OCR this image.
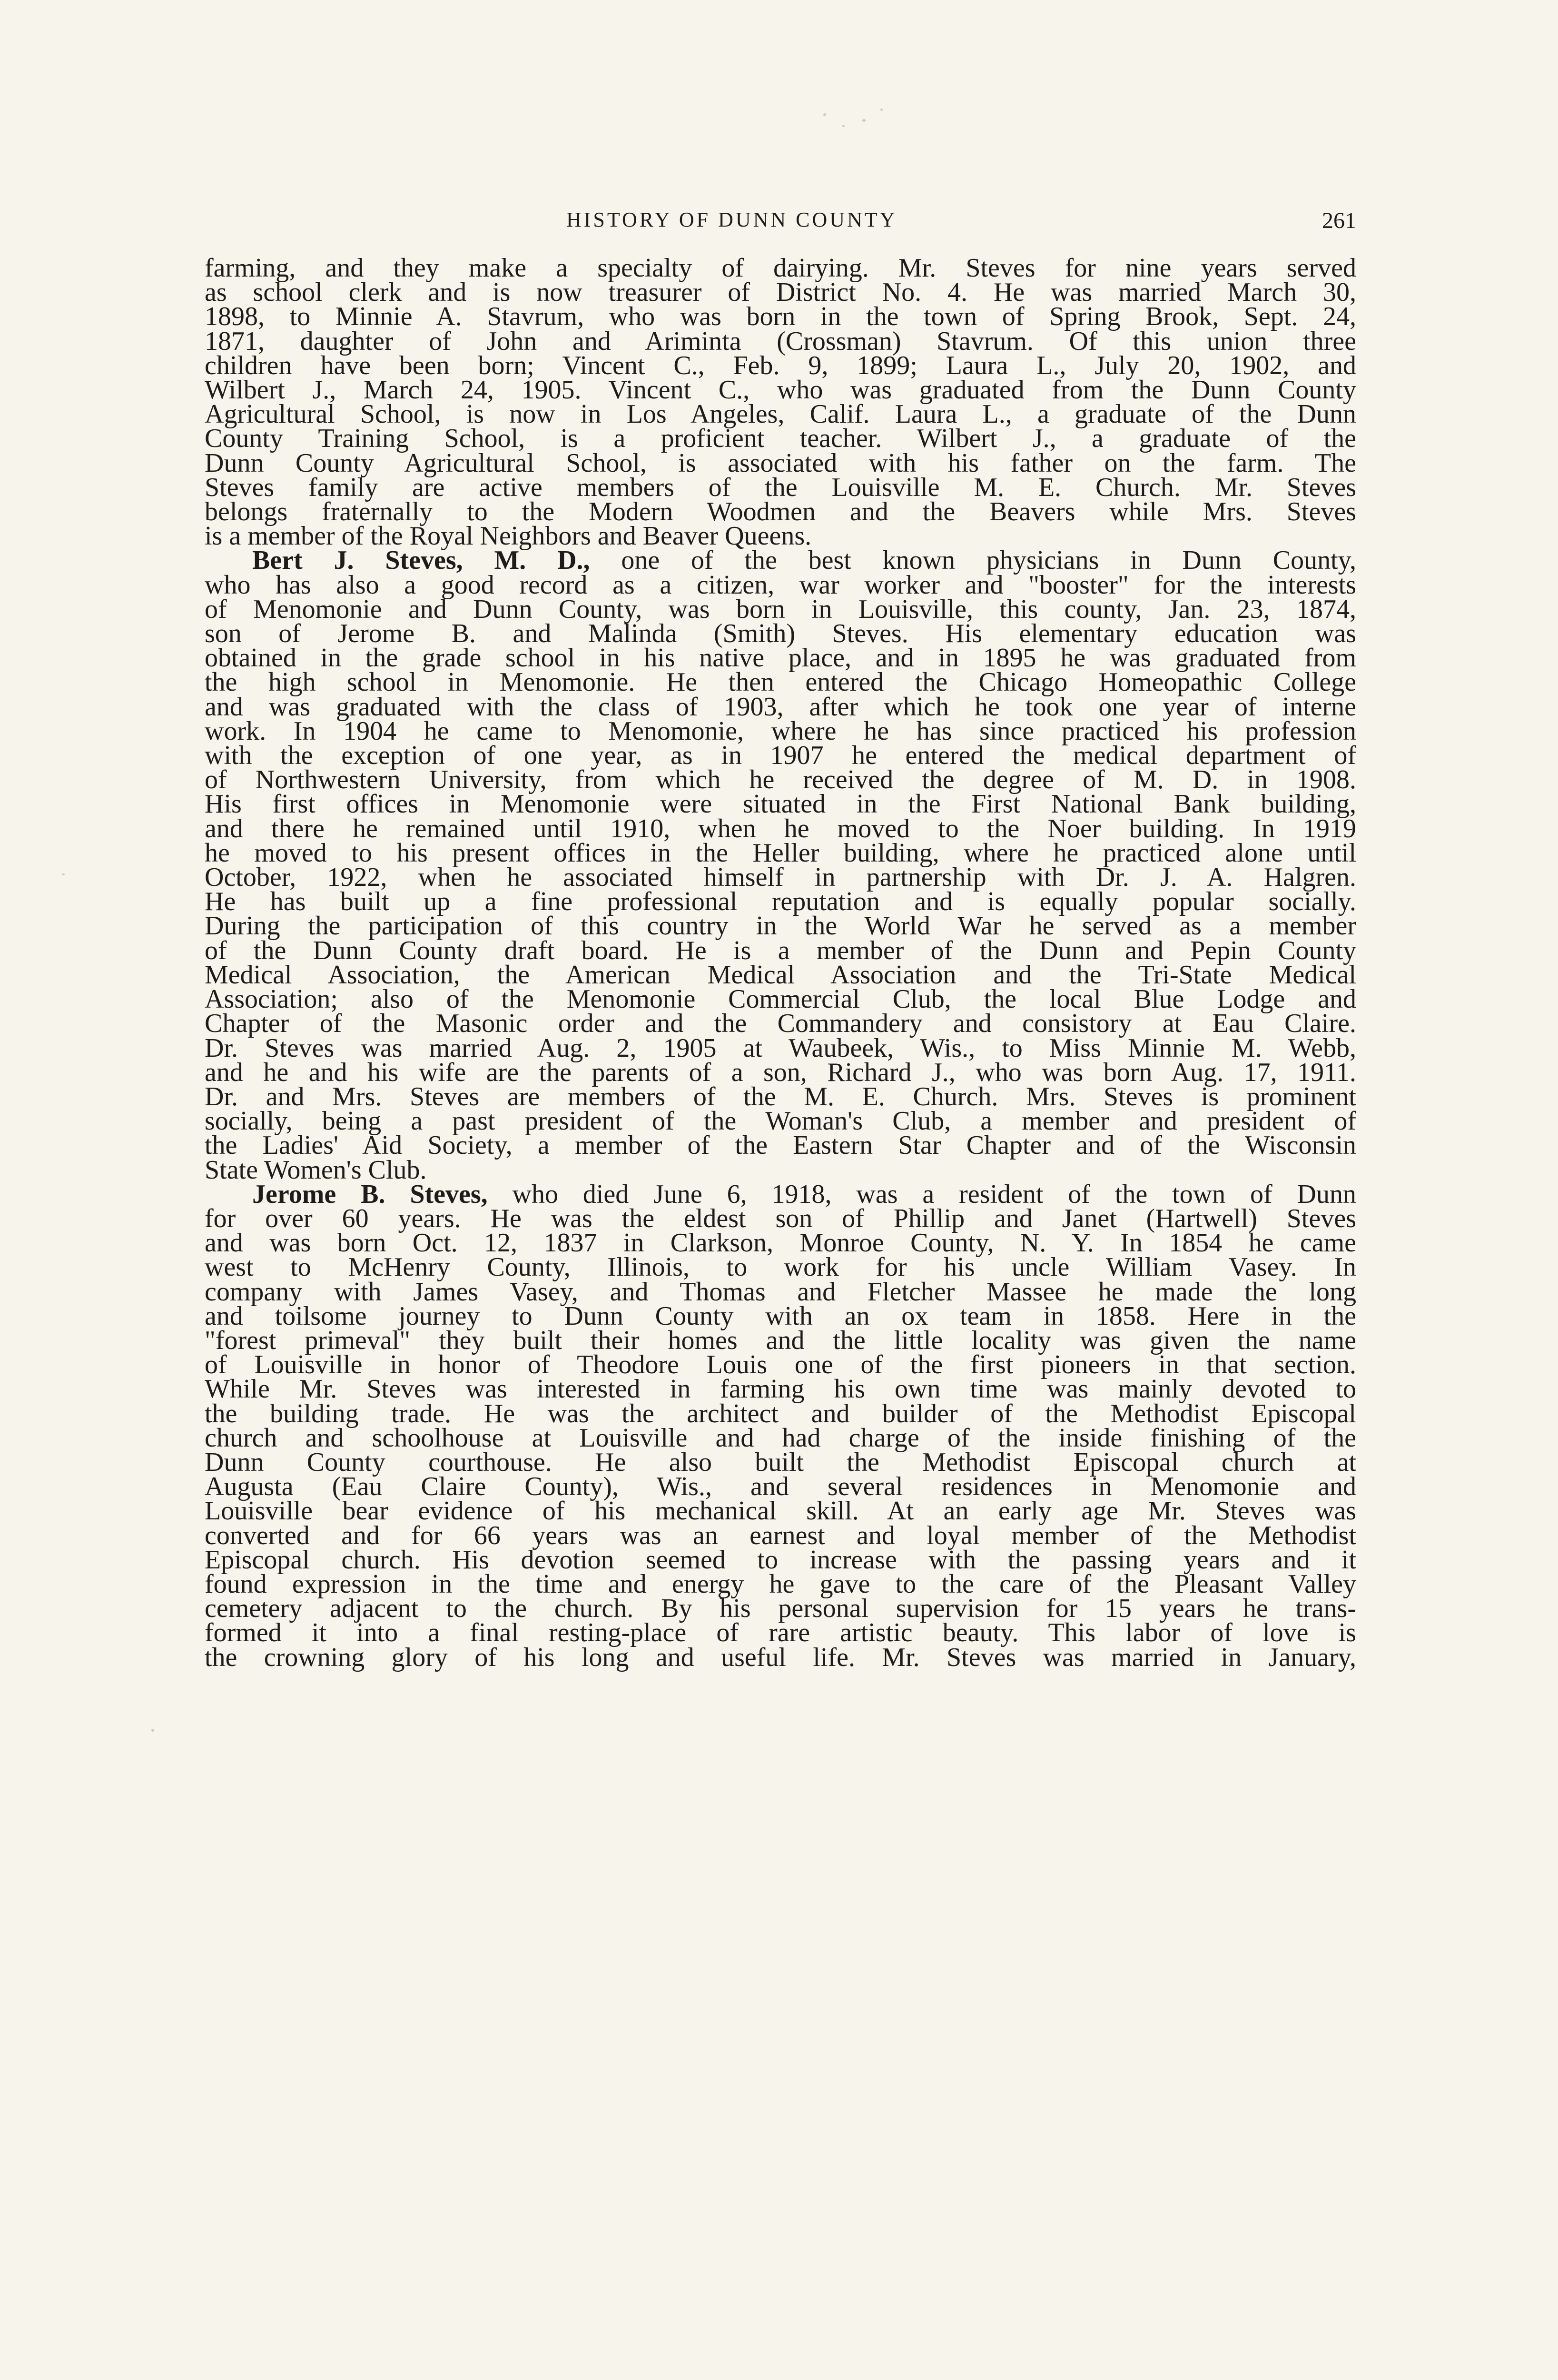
HISTORY OF DUNN COUNTY	261
farming, and they make a specialty of dairying. Mr. Steves for nine years served
as school clerk and is now treasurer of District No. 4. He was married March 30,
1898, to Minnie A. Stavrum, who was born in the town of Spring Brook, Sept. 24,
1871, daughter of John and Ariminta (Crossman) Stavrum. Of this union three
children have been born; Vincent C., Feb. 9, 1899; Laura L., July 20, 1902, and
Wilbert J., March 24, 1905. Vincent C., who was graduated from the Dunn County
Agricultural School, is now in Los Angeles, Calif. Laura L., a graduate of the Dunn
County Training School, is a proficient teacher. Wilbert J., a graduate of the
Dunn County Agricultural School, is associated with his father on the farm. The
Steves family are active members of the Louisville M. E. Church. Mr. Steves
belongs fraternally to the Modern Woodmen and the Beavers while Mrs. Steves
is a member of the Royal Neighbors and Beaver Queens.
Bert J. Steves, M. D., one of the best known physicians in Dunn County,
who has also a good record as a citizen, war worker and "booster" for the interests
of Menomonie and Dunn County, was born in Louisville, this county, Jan. 23, 1874,
son of Jerome B. and Malinda (Smith) Steves. His elementary education was
obtained in the grade school in his native place, and in 1895 he was graduated from
the high school in Menomonie. He then entered the Chicago Homeopathic College
and was graduated with the class of 1903, after which he took one year of interne
work. In 1904 he came to Menomonie, where he has since practiced his profession
with the exception of one year, as in 1907 he entered the medical department of
of Northwestern University, from which he received the degree of M. D. in 1908.
His first offices in Menomonie were situated in the First National Bank building,
and there he remained until 1910, when he moved to the Noer building. In 1919
he moved to his present offices in the Heller building, where he practiced alone until
October, 1922, when he associated himself in partnership with Dr. J. A. Halgren.
He has built up a fine professional reputation and is equally popular socially.
During the participation of this country in the World War he served as a member
of the Dunn County draft board. He is a member of the Dunn and Pepin County
Medical Association, the American Medical Association and the Tri-State Medical
Association; also of the Menomonie Commercial Club, the local Blue Lodge and
Chapter of the Masonic order and the Commandery and consistory at Eau Claire.
Dr. Steves was married Aug. 2, 1905 at Waubeek, Wis., to Miss Minnie M. Webb,
and he and his wife are the parents of a son, Richard J., who was born Aug. 17, 1911.
Dr. and Mrs. Steves are members of the M. E. Church. Mrs. Steves is prominent
socially, being a past president of the Woman's Club, a member and president of
the Ladies' Aid Society, a member of the Eastern Star Chapter and of the Wisconsin
State Women's Club.
Jerome B. Steves, who died June 6, 1918, was a resident of the town of Dunn
for over 60 years. He was the eldest son of Phillip and Janet (Hartwell) Steves
and was born Oct. 12, 1837 in Clarkson, Monroe County, N. Y. In 1854 he came
west to McHenry County, Illinois, to work for his uncle William Vasey. In
company with James Vasey, and Thomas and Fletcher Massee he made the long
and toilsome journey to Dunn County with an ox team in 1858. Here in the
"forest primeval" they built their homes and the little locality was given the name
of Louisville in honor of Theodore Louis one of the first pioneers in that section.
While Mr. Steves was interested in farming his own time was mainly devoted to
the building trade. He was the architect and builder of the Methodist Episcopal
church and schoolhouse at Louisville and had charge of the inside finishing of the
Dunn County courthouse. He also built the Methodist Episcopal church at
Augusta (Eau Claire County), Wis., and several residences in Menomonie and
Louisville bear evidence of his mechanical skill. At an early age Mr. Steves was
converted and for 66 years was an earnest and loyal member of the Methodist
Episcopal church. His devotion seemed to increase with the passing years and it
found expression in the time and energy he gave to the care of the Pleasant Valley
cemetery adjacent to the church. By his personal supervision for 15 years he trans-
formed it into a final resting-place of rare artistic beauty. This labor of love is
the crowning glory of his long and useful life. Mr. Steves was married in January,
